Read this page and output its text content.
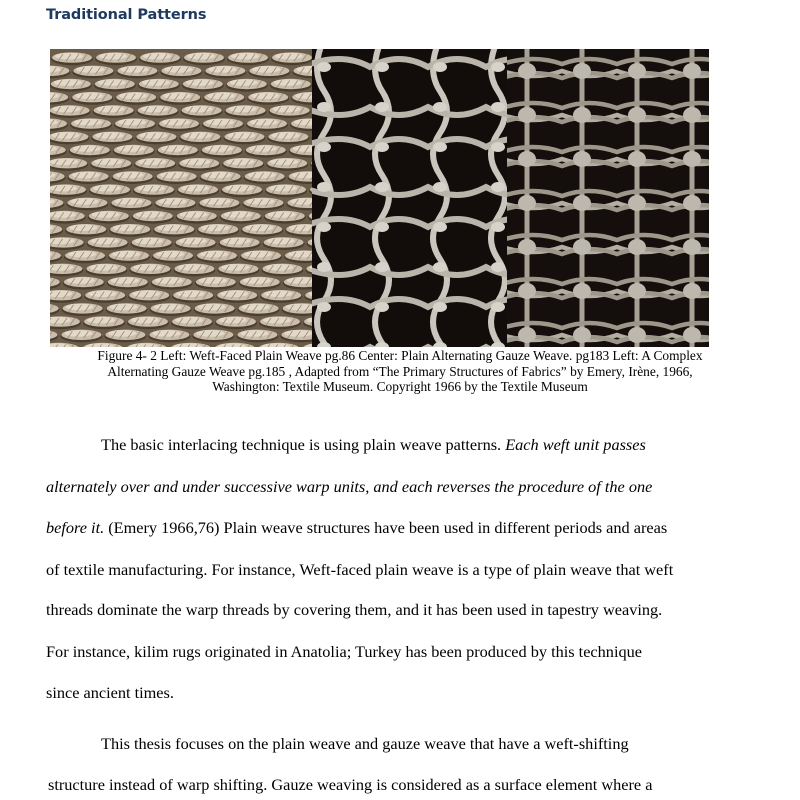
Traditional Patterns
Figure 4- 2 Left: Weft-Faced Plain Weave pg.86 Center: Plain Alternating Gauze Weave. pg183 Left: A Complex
Alternating Gauze Weave pg.185 , Adapted from “The Primary Structures of Fabrics” by Emery, Irène, 1966,
Washington: Textile Museum. Copyright 1966 by the Textile Museum
The basic interlacing technique is using plain weave patterns. Each weft unit passes
alternately over and under successive warp units, and each reverses the procedure of the one
before it. (Emery 1966,76) Plain weave structures have been used in different periods and areas
of textile manufacturing. For instance, Weft-faced plain weave is a type of plain weave that weft
threads dominate the warp threads by covering them, and it has been used in tapestry weaving.
For instance, kilim rugs originated in Anatolia; Turkey has been produced by this technique
since ancient times.
This thesis focuses on the plain weave and gauze weave that have a weft-shifting
structure instead of warp shifting. Gauze weaving is considered as a surface element where a
